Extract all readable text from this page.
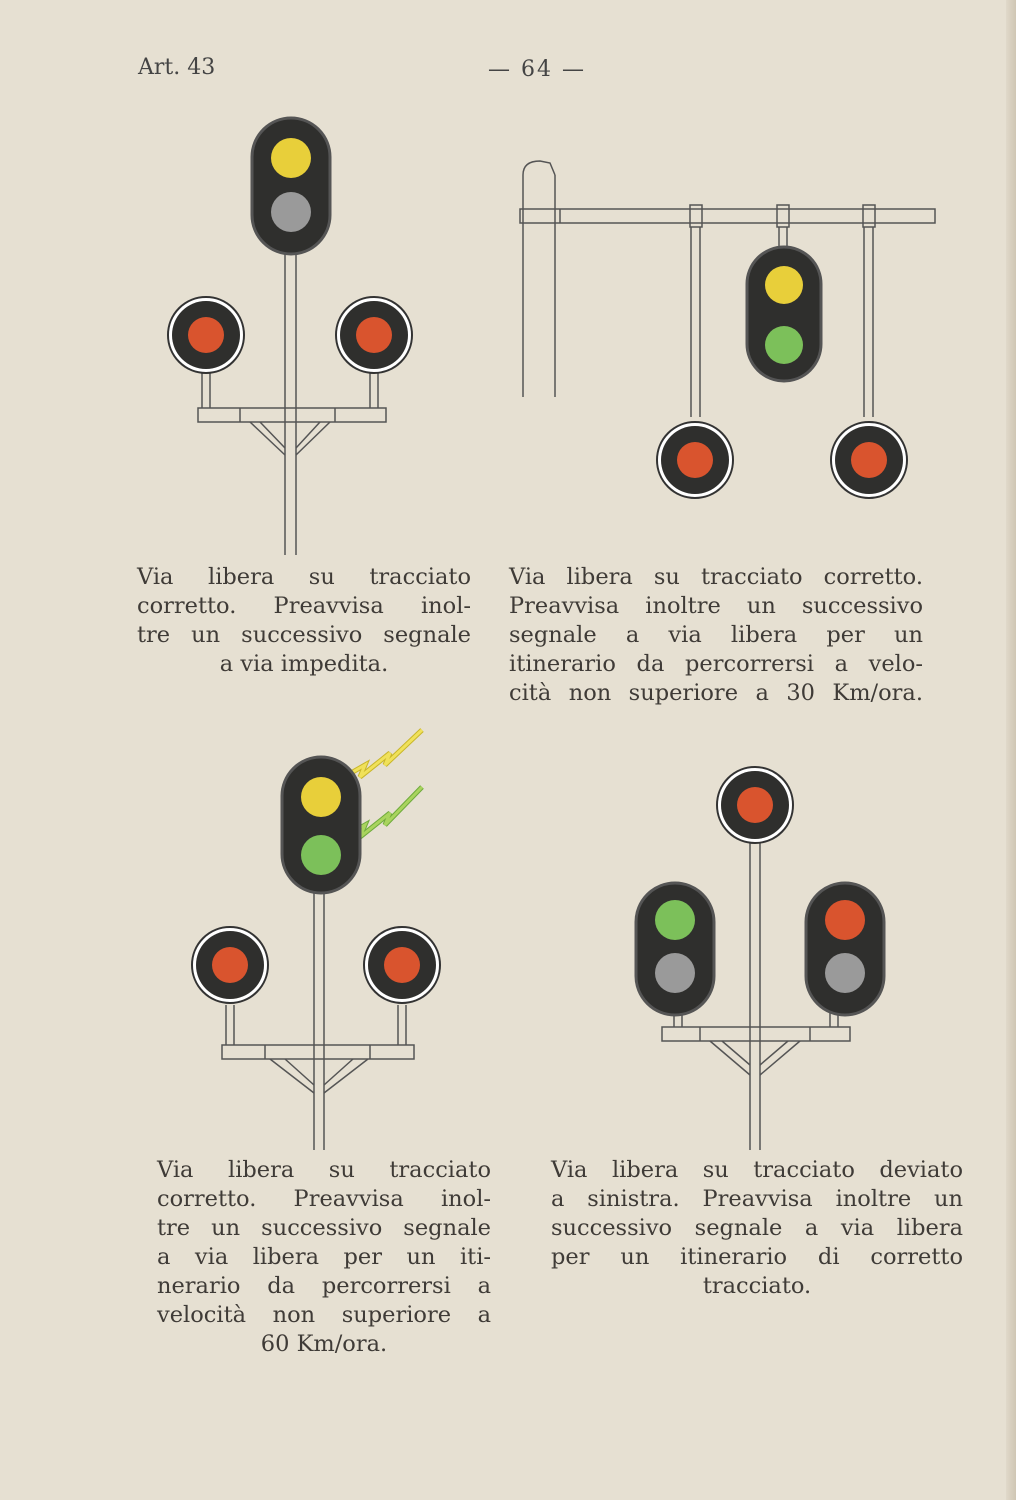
Art. 43	— 64 —
Via libera su tracciato
corretto. Preavvisa inol-
tre un successivo segnale
a via impedita.
Via libera su tracciato corretto.
Preavvisa inoltre un successivo
segnale a via libera per un
itinerario da percorrersi a velo-
cità non superiore a 30 Km/ora.
Via libera su tracciato
corretto. Preavvisa inol-
tre un successivo segnale
a via libera per un iti-
nerario da percorrersi a
velocità non superiore a
60 Km/ora.
Via libera su tracciato deviato
a sinistra. Preavvisa inoltre un
successivo segnale a via libera
per un itinerario di corretto
tracciato.
